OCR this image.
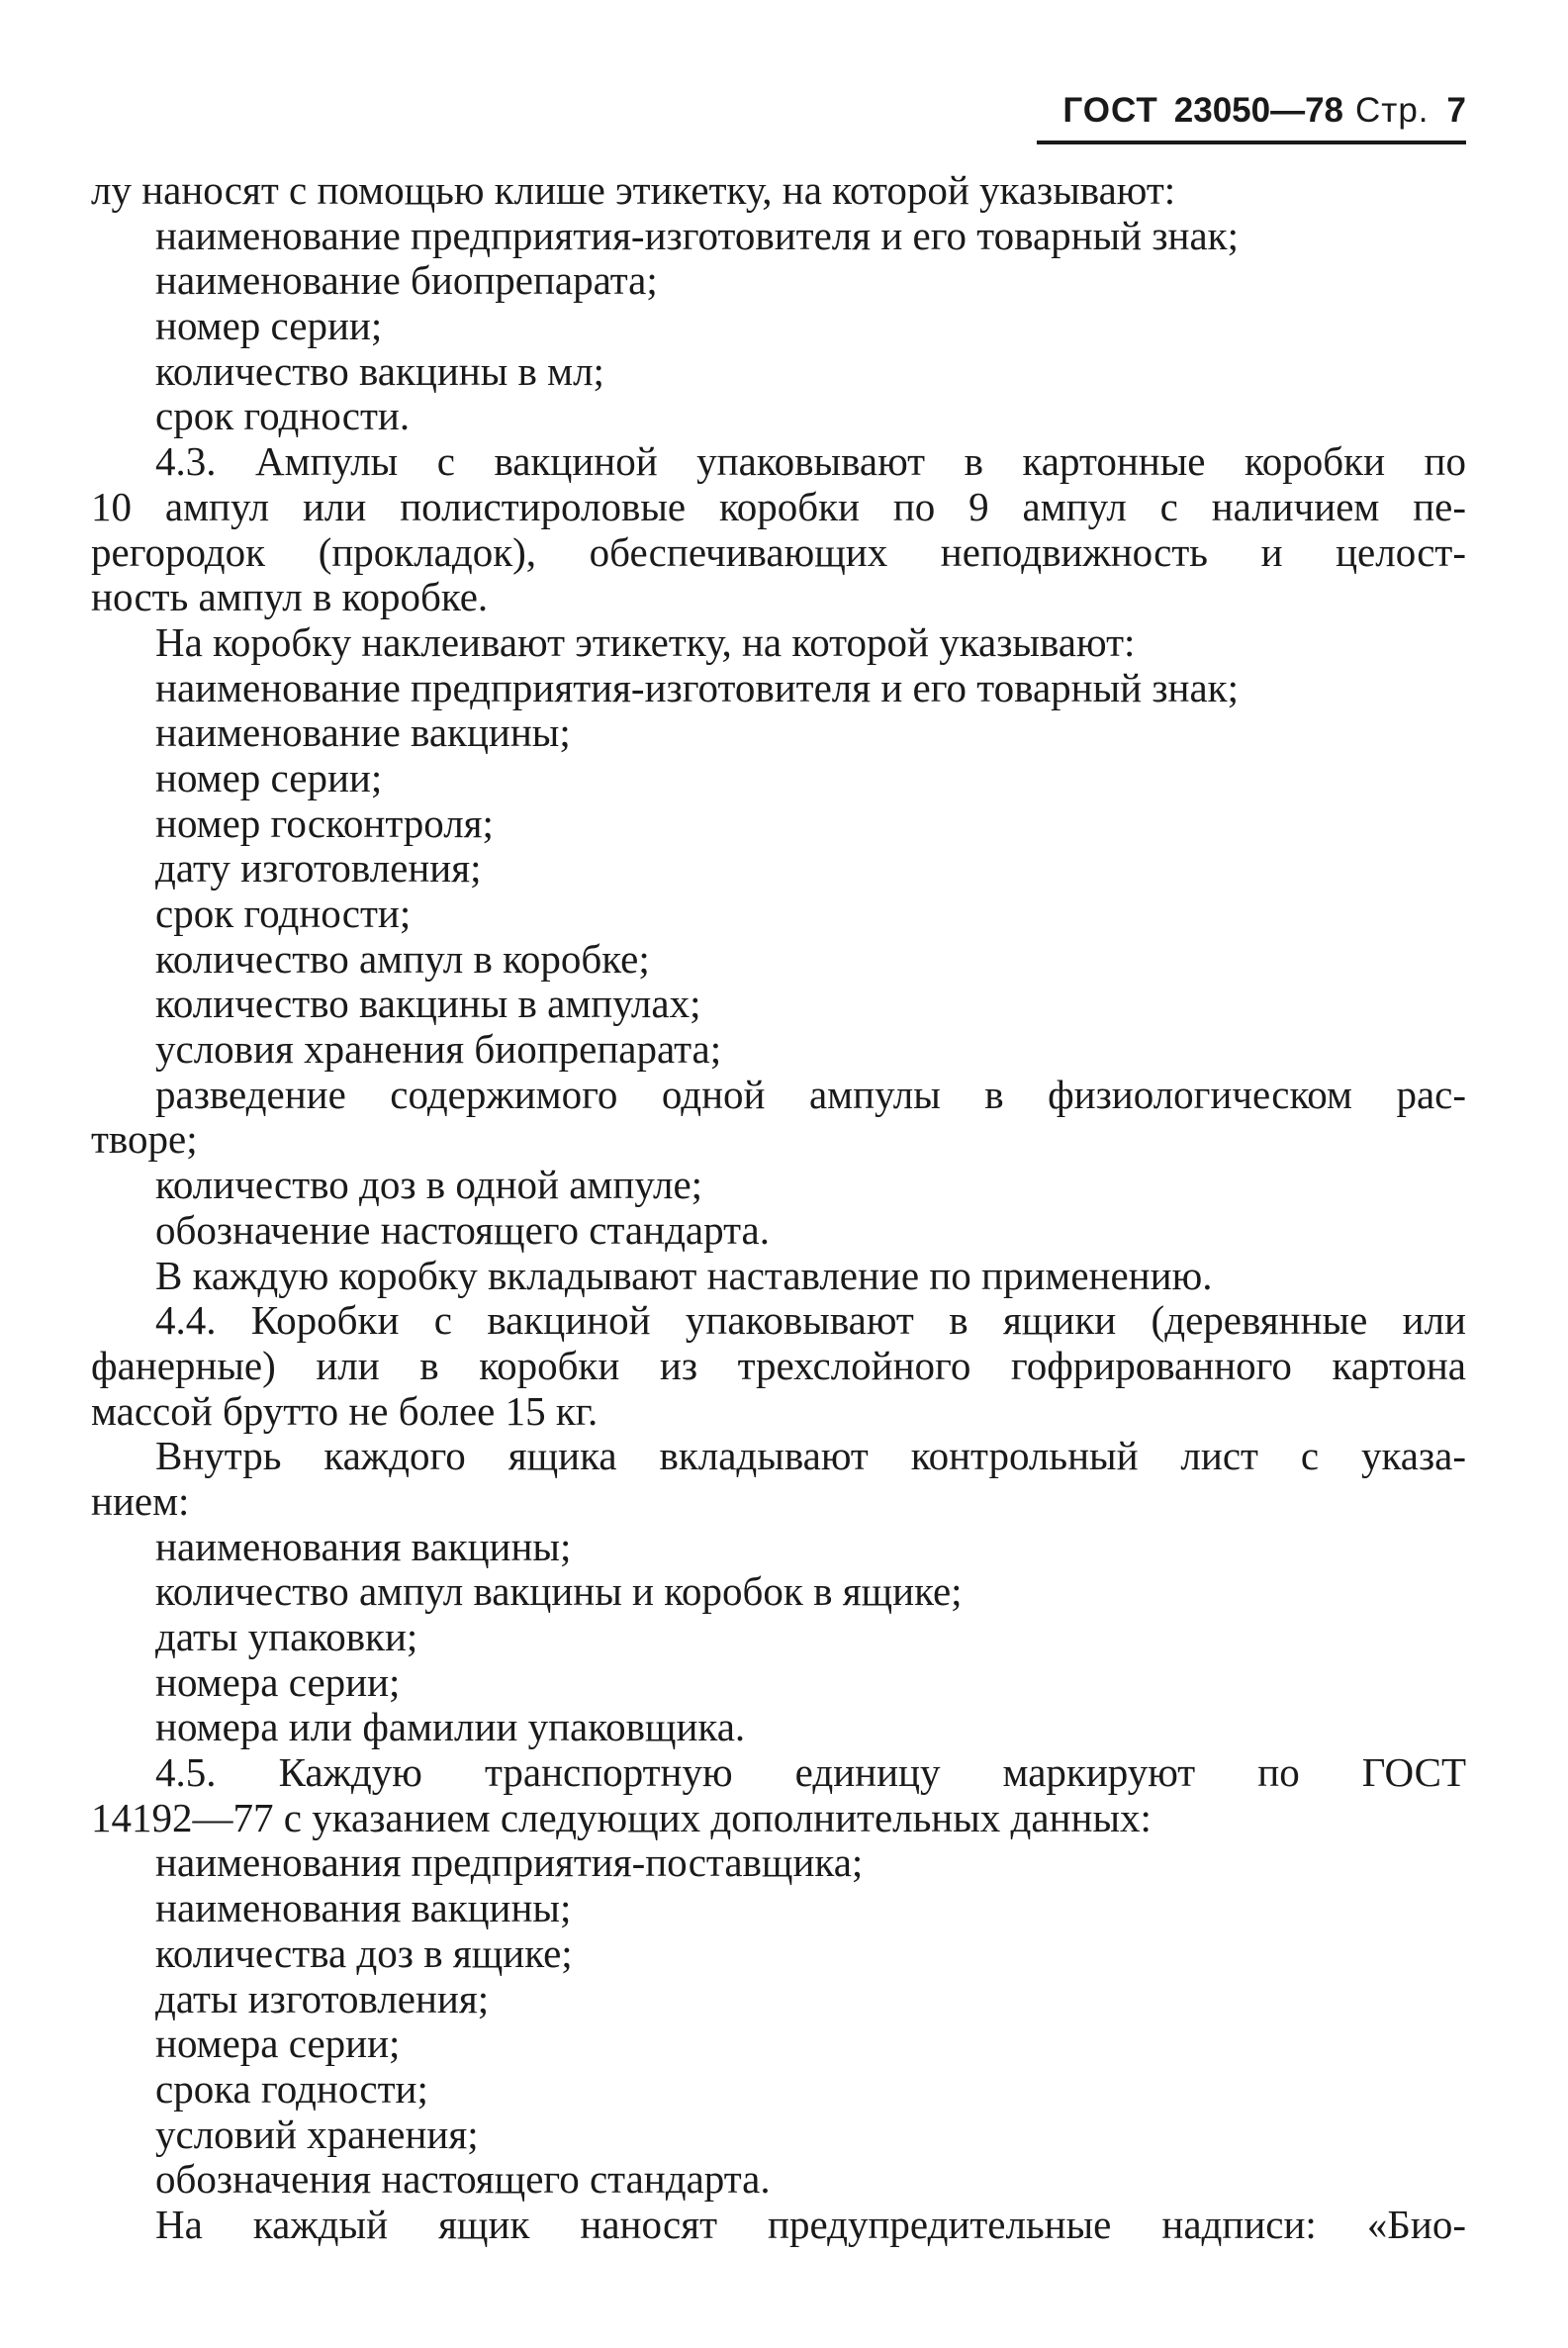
ГОСТ 23050—78 Стр. 7
лу наносят с помощью клише этикетку, на которой указывают:
наименование предприятия-изготовителя и его товарный знак;
наименование биопрепарата;
номер серии;
количество вакцины в мл;
срок годности.
4.3. Ампулы с вакциной упаковывают в картонные коробки по
10 ампул или полистироловые коробки по 9 ампул с наличием пе-
регородок (прокладок), обеспечивающих неподвижность и целост-
ность ампул в коробке.
На коробку наклеивают этикетку, на которой указывают:
наименование предприятия-изготовителя и его товарный знак;
наименование вакцины;
номер серии;
номер госконтроля;
дату изготовления;
срок годности;
количество ампул в коробке;
количество вакцины в ампулах;
условия хранения биопрепарата;
разведение содержимого одной ампулы в физиологическом рас-
творе;
количество доз в одной ампуле;
обозначение настоящего стандарта.
В каждую коробку вкладывают наставление по применению.
4.4. Коробки с вакциной упаковывают в ящики (деревянные или
фанерные) или в коробки из трехслойного гофрированного картона
массой брутто не более 15 кг.
Внутрь каждого ящика вкладывают контрольный лист с указа-
нием:
наименования вакцины;
количество ампул вакцины и коробок в ящике;
даты упаковки;
номера серии;
номера или фамилии упаковщика.
4.5. Каждую транспортную единицу маркируют по ГОСТ
14192—77 с указанием следующих дополнительных данных:
наименования предприятия-поставщика;
наименования вакцины;
количества доз в ящике;
даты изготовления;
номера серии;
срока годности;
условий хранения;
обозначения настоящего стандарта.
На каждый ящик наносят предупредительные надписи: «Био-
